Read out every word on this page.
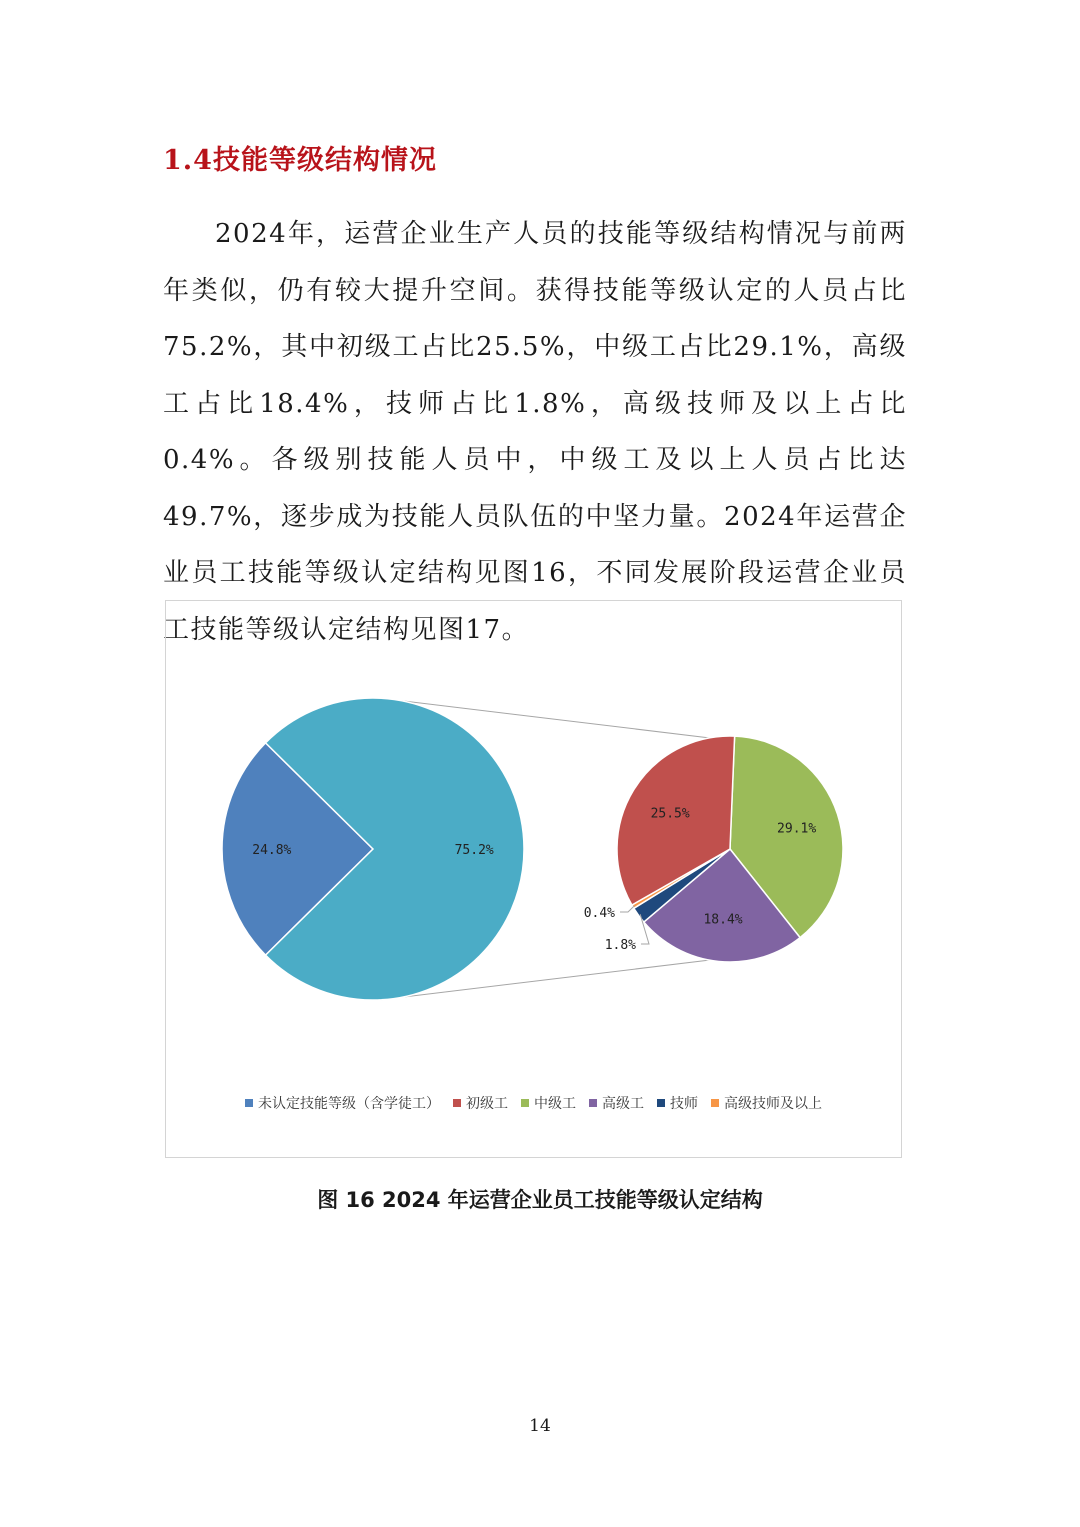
1.4技能等级结构情况

2024年，运营企业生产人员的技能等级结构情况与前两年类似，仍有较大提升空间。获得技能等级认定的人员占比75.2%，其中初级工占比25.5%，中级工占比29.1%，高级工占比18.4%，技师占比1.8%，高级技师及以上占比0.4%。各级别技能人员中，中级工及以上人员占比达49.7%，逐步成为技能人员队伍的中坚力量。2024年运营企业员工技能等级认定结构见图16，不同发展阶段运营企业员工技能等级认定结构见图17。

24.8%	75.2%
25.5%
29.1%
18.4%
0.4%
1.8%
未认定技能等级（含学徒工） 初级工 中级工 高级工 技师 高级技师及以上
图 16 2024 年运营企业员工技能等级认定结构
14
